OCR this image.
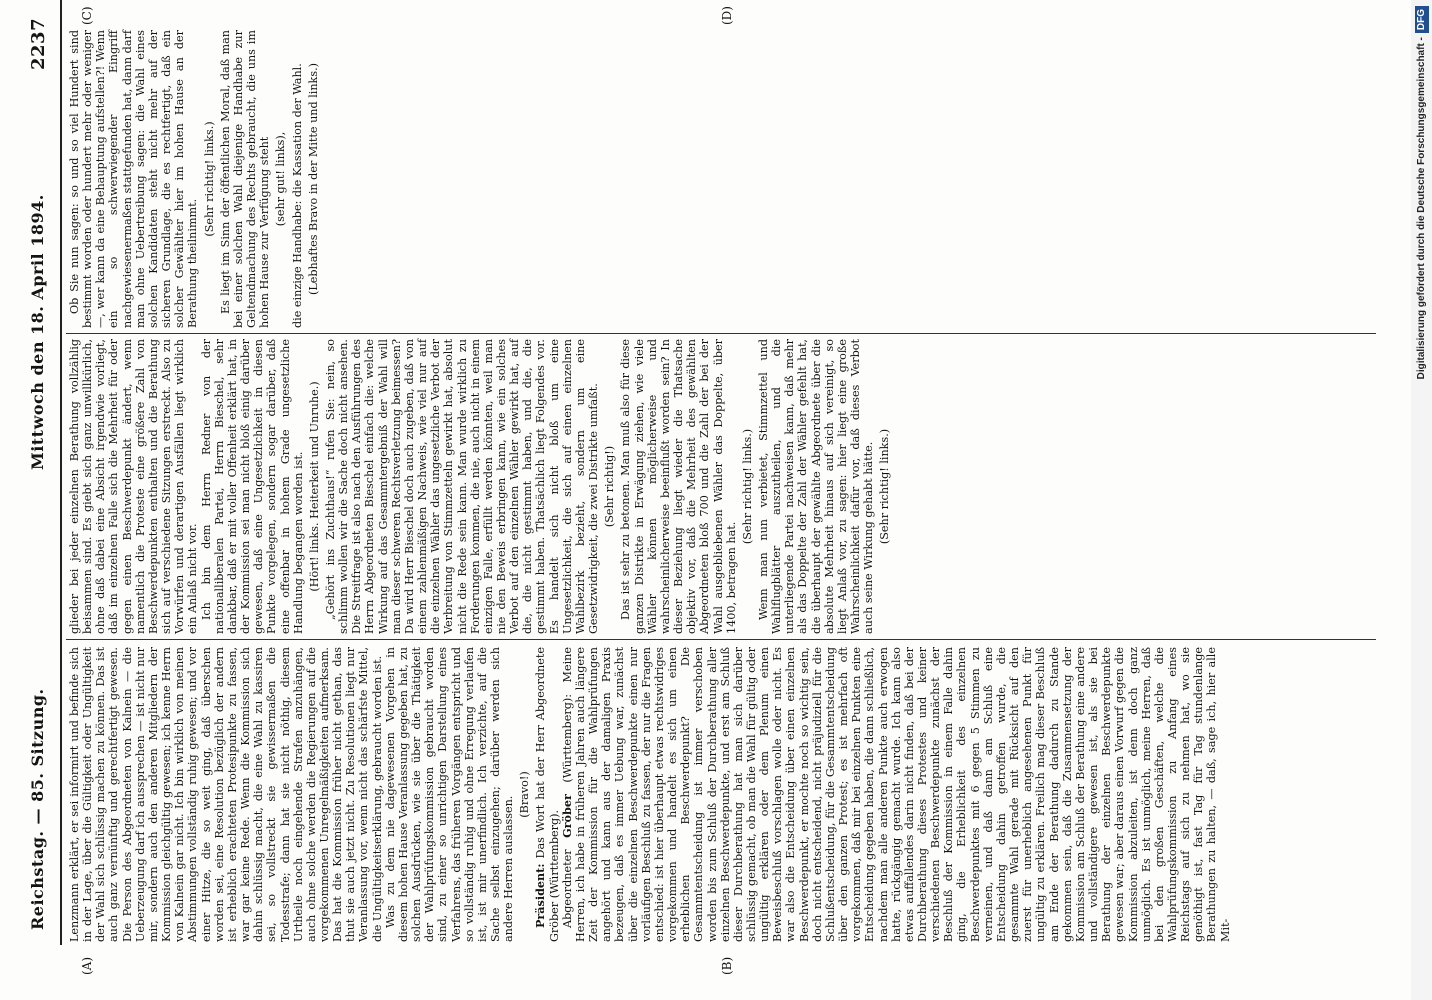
Reichstag. — 85. Sitzung.
Mittwoch den 18. April 1894.
2237
(A)	(B)
(C)	(D)

Lenzmann erklärt, er sei informirt und befinde sich in der Lage, über die Gültigkeit oder Ungültigkeit der Wahl sich schlüssig machen zu können. Das ist auch ganz vernünftig und gerechtfertigt gewesen. Die Person des Abgeordneten von Kalnein — die Ueberzeugung darf ich aussprechen — ist nicht nur mir, sondern auch den anderen Mitgliedern der Kommission gleichgültig gewesen; ich kenne Herrn von Kalnein gar nicht. Ich bin wirklich von meinen Abstimmungen vollständig ruhig gewesen; und vor einer Hitze, die so weit ging, daß überschen worden sei, eine Resolution bezüglich der andern ist erheblich erachteten Protesipunkte zu fassen, war gar keine Rede. Wenn die Kommission sich dahin schlüssig macht, die eine Wahl zu kassiren sei, so vollstreckt sie gewissermaßen die Todesstrafe; dann hat sie nicht nöthig, diesem Urtheile noch eingehende Strafen anzuhängen, auch ohne solche werden die Regierungen auf die vorgekommenen Unregelmäßigkeiten aufmerksam. Das hat die Kommission früher nicht gethan, das thut sie auch jetzt nicht. Zu Resolutionen liegt nur Veranlassung vor, wenn nicht das schärfste Mittel, die Ungültigkeitserklärung, gebraucht worden ist. Was zu dem nie dagewesenen Vorgehen in diesem hohen Hause Veranlassung gegeben hat, zu solchen Ausdrücken, wie sie über die Thätigkeit der Wahlprüfungskommission gebraucht worden sind, zu einer so unrichtigen Darstellung eines Verfahrens, das früheren Vorgängen entspricht und so vollständig ruhig und ohne Erregung verlaufen ist, ist mir unerfindlich. Ich verzichte, auf die Sache selbst einzugehen; darüber werden sich andere Herren auslassen.

(Bravo!)

Präsident: Das Wort hat der Herr Abgeordnete Gröber (Württemberg). Abgeordneter Gröber (Württemberg): Meine Herren, ich habe in früheren Jahren auch längere Zeit der Kommission für die Wahlprüfungen angehört und kann aus der damaligen Praxis bezeugen, daß es immer Uebung war, zunächst über die einzelnen Beschwerdepunkte einen nur vorläufigen Beschluß zu fassen, der nur die Fragen entschied: ist hier überhaupt etwas rechtswidriges vorgekommen und handelt es sich um einen erheblichen Beschwerdepunkt? Die Gesammtentscheidung ist immer verschoben worden bis zum Schluß der Durchberathung aller einzelnen Beschwerdepunkte, und erst am Schluß dieser Durchberathung hat man sich darüber schlüssig gemacht, ob man die Wahl für gültig oder ungültig erklären oder dem Plenum einen Beweisbeschluß vorschlagen wolle oder nicht. Es war also die Entscheidung über einen einzelnen Beschwerdepunkt, er mochte noch so wichtig sein, doch nicht entscheidend, nicht präjudiziell für die Schlußentscheidung, für die Gesammtentscheidung über den ganzen Protest; es ist mehrfach oft vorgekommen, daß mir bei einzelnen Punkten eine Entscheidung gegeben haben, die dann schließlich, nachdem man alle anderen Punkte auch erwogen hatte, rückgängig gemacht wurde. Ich kann also etwas auffallendes darin nicht finden, daß bei der Durchberathung dieses Protestes und keiner verschiedenen Beschwerdepunkte zunächst der Beschluß der Kommission in einem Falle dahin ging, die Erheblichkeit des einzelnen Beschwerdepunktes mit 6 gegen 5 Stimmen zu verneinen, und daß dann am Schluß eine Entscheidung dahin getroffen wurde, die gesammte Wahl gerade mit Rücksicht auf den zuerst für unerheblich angesehenen Punkt für ungültig zu erklären. Freilich mag dieser Beschluß am Ende der Berathung dadurch zu Stande gekommen sein, daß die Zusammensetzung der Kommission am Schluß der Berathung eine andere und vollständigere gewesen ist, als sie bei Berathung der einzelnen Beschwerdepunkte gewesen war; aber daraus einen Vorwurf gegen die Kommission abzuleiten, ist denn doch ganz unmöglich. Es ist unmöglich, meine Herren, daß bei den großen Geschäften, welche die Wahlprüfungskommission zu Anfang eines Reichstags auf sich zu nehmen hat, wo sie genöthigt ist, fast Tag für Tag stundenlange Berathungen zu halten, — daß, sage ich, hier alle Mit-

glieder bei jeder einzelnen Berathung vollzählig beisammen sind. Es giebt sich ganz unwillkürlich, ohne daß dabei eine Absicht irgendwie vorliegt, daß im einzelnen Falle sich die Mehrheit für oder gegen einen Beschwerdepunkt ändert, wenn namentlich die Proteste eine größere Zahl von Beschwerdepunkten enthalten und die Berathung sich auf verschiedene Sitzungen erstreckt. Also zu Vorwürfen und derartigen Ausfällen liegt wirklich ein Anlaß nicht vor. Ich bin dem Herrn Redner von der nationalliberalen Partei, Herrn Bieschel, sehr dankbar, daß er mit voller Offenheit erklärt hat, in der Kommission sei man nicht bloß einig darüber gewesen, daß eine Ungesetzlichkeit in diesen Punkte vorgelegen, sondern sogar darüber, daß eine offenbar in hohem Grade ungesetzliche Handlung begangen worden ist. (Hört! links. Heiterkeit und Unruhe.) „Gehört ins Zuchthaus!“ rufen Sie: nein, so schlimm wollen wir die Sache doch nicht ansehen. Die Streitfrage ist also nach den Ausführungen des Herrn Abgeordneten Bieschel einfach die: welche Wirkung auf das Gesammtergebniß der Wahl will man dieser schweren Rechtsverletzung beimessen? Da wird Herr Bieschel doch auch zugeben, daß von einem zahlenmäßigen Nachweis, wie viel nur auf die einzelnen Wähler das ungesetzliche Verbot der Verbreitung von Stimmzetteln gewirkt hat, absolut nicht die Rede sein kann. Man wurde wirklich zu Forderungen kommen, die nie, auch nicht in einem einzigen Falle, erfüllt werden könnten, weil man nie den Beweis erbringen kann, wie ein solches Verbot auf den einzelnen Wähler gewirkt hat, auf die, die nicht gestimmt haben, und die, die gestimmt haben. Thatsächlich liegt Folgendes vor. Es handelt sich nicht bloß um eine Ungesetzlichkeit, die sich auf einen einzelnen Wahlbezirk bezieht, sondern um eine Gesetzwidrigkeit, die zwei Distrikte umfaßt. (Sehr richtig!) Das ist sehr zu betonen. Man muß also für diese ganzen Distrikte in Erwägung ziehen, wie viele Wähler können möglicherweise und wahrscheinlicherweise beeinflußt worden sein? In dieser Beziehung liegt wieder die Thatsache objektiv vor, daß die Mehrheit des gewählten Abgeordneten bloß 700 und die Zahl der bei der Wahl ausgebliebenen Wähler das Doppelte, über 1400, betragen hat.

(Sehr richtig! links.) Wenn man nun verbietet, Stimmzettel und Wahlflugblätter auszutheilen, und die unterliegende Partei nachweisen kann, daß mehr als das Doppelte der Zahl der Wähler gefehlt hat, die überhaupt der gewählte Abgeordnete über die absolute Mehrheit hinaus auf sich vereinigt, so liegt Anlaß vor, zu sagen: hier liegt eine große Wahrscheinlichkeit dafür vor, daß dieses Verbot auch seine Wirkung gehabt hätte. (Sehr richtig! links.)

Ob Sie nun sagen: so und so viel Hundert sind bestimmt worden oder hundert mehr oder weniger —, wer kann da eine Behauptung aufstellen?! Wenn ein so schwerwiegender Eingriff nachgewiesenermaßen stattgefunden hat, dann darf man ohne Uebertreibung sagen: die Wahl eines solchen Kandidaten steht nicht mehr auf der sicheren Grundlage, die es rechtfertigt, daß ein solcher Gewählter hier im hohen Hause an der Berathung theilnimmt.

(Sehr richtig! links.) Es liegt im Sinn der öffentlichen Moral, daß man bei einer solchen Wahl diejenige Handhabe zur Geltendmachung des Rechts gebraucht, die uns im hohen Hause zur Verfügung steht (sehr gut! links), die einzige Handhabe: die Kassation der Wahl. (Lebhaftes Bravo in der Mitte und links.)	Digitalisierung gefördert durch die Deutsche Forschungsgemeinschaft -DFG
